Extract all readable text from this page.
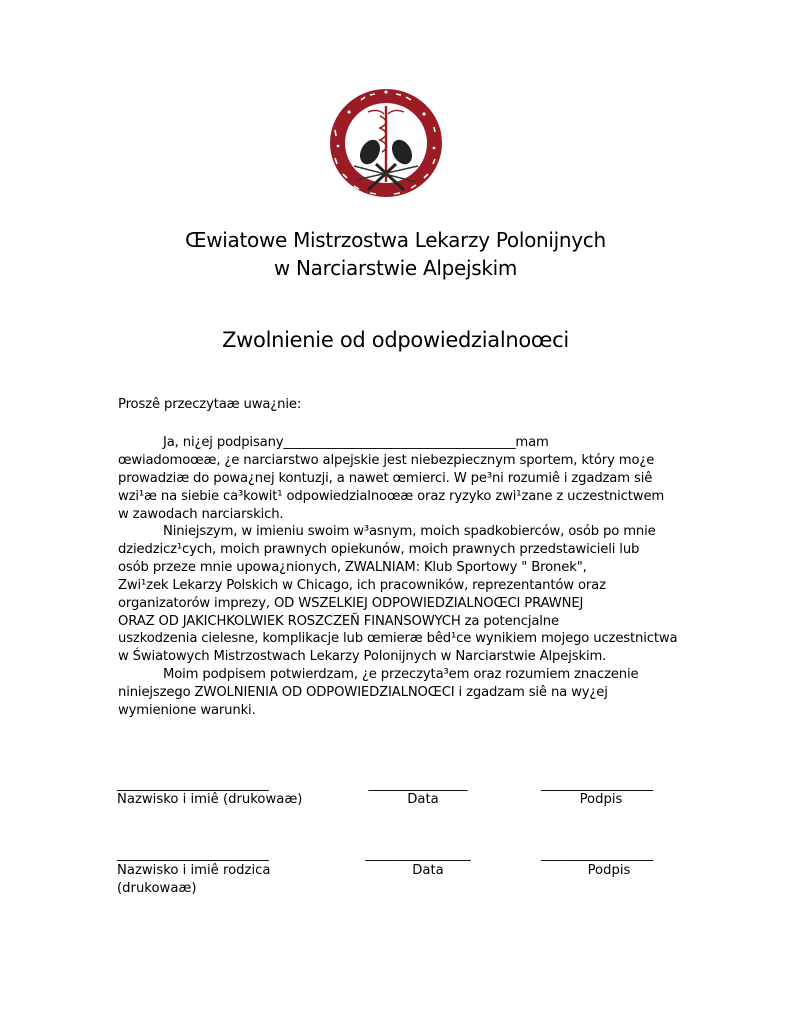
Œwiatowe Mistrzostwa Lekarzy Polonijnych
w Narciarstwie Alpejskim
Zwolnienie od odpowiedzialnoœci
Proszê przeczytaæ uwa¿nie:
Ja, ni¿ej podpisany____________________________________mam
œwiadomoœæ, ¿e narciarstwo alpejskie jest niebezpiecznym sportem, który mo¿e
prowadziæ do powa¿nej kontuzji, a nawet œmierci. W pe³ni rozumiê i zgadzam siê
wzi¹æ na siebie ca³kowit¹ odpowiedzialnoœæ oraz ryzyko zwi¹zane z uczestnictwem
w zawodach narciarskich.
Niniejszym, w imieniu swoim w³asnym, moich spadkobierców, osób po mnie
dziedzicz¹cych, moich prawnych opiekunów, moich prawnych przedstawicieli lub
osób przeze mnie upowa¿nionych, ZWALNIAM: Klub Sportowy " Bronek",
Zwi¹zek Lekarzy Polskich w Chicago, ich pracowników, reprezentantów oraz
organizatorów imprezy, OD WSZELKIEJ ODPOWIEDZIALNOŒCI PRAWNEJ
ORAZ OD JAKICHKOLWIEK ROSZCZEÑ FINANSOWYCH za potencjalne
uszkodzenia cielesne, komplikacje lub œmieræ bêd¹ce wynikiem mojego uczestnictwa
w Światowych Mistrzostwach Lekarzy Polonijnych w Narciarstwie Alpejskim.
Moim podpisem potwierdzam, ¿e przeczyta³em oraz rozumiem znaczenie
niniejszego ZWOLNIENIA OD ODPOWIEDZIALNOŒCI i zgadzam siê na wy¿ej
wymienione warunki.
_______________________
Nazwisko i imiê (drukowaæ)
_______________
Data
_________________
Podpis
_______________________
Nazwisko i imiê rodzica
(drukowaæ)
________________
Data
_________________
Podpis
